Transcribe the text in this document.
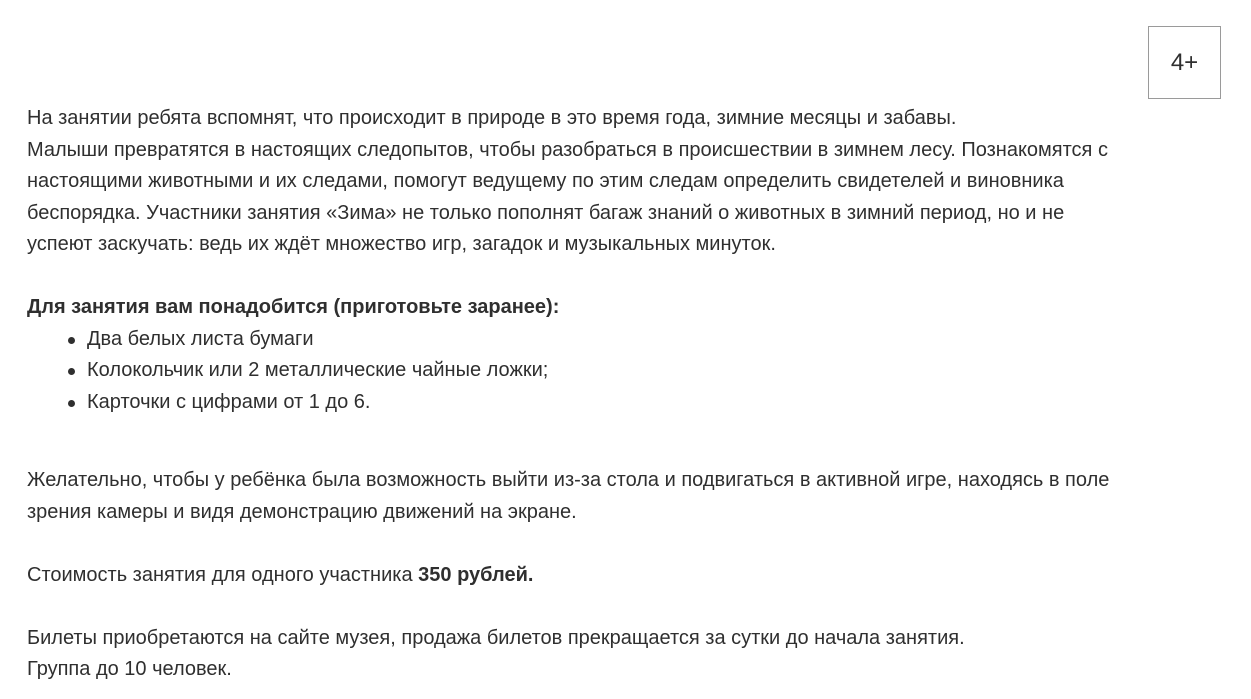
4+
На занятии ребята вспомнят, что происходит в природе в это время года, зимние месяцы и забавы.
Малыши превратятся в настоящих следопытов, чтобы разобраться в происшествии в зимнем лесу. Познакомятся с
настоящими животными и их следами, помогут ведущему по этим следам определить свидетелей и виновника
беспорядка. Участники занятия «Зима» не только пополнят багаж знаний о животных в зимний период, но и не
успеют заскучать: ведь их ждёт множество игр, загадок и музыкальных минуток.
Для занятия вам понадобится (приготовьте заранее):
Два белых листа бумаги
Колокольчик или 2 металлические чайные ложки;
Карточки с цифрами от 1 до 6.
Желательно, чтобы у ребёнка была возможность выйти из-за стола и подвигаться в активной игре, находясь в поле
зрения камеры и видя демонстрацию движений на экране.
Стоимость занятия для одного участника 350 рублей.
Билеты приобретаются на сайте музея, продажа билетов прекращается за сутки до начала занятия.
Группа до 10 человек.
